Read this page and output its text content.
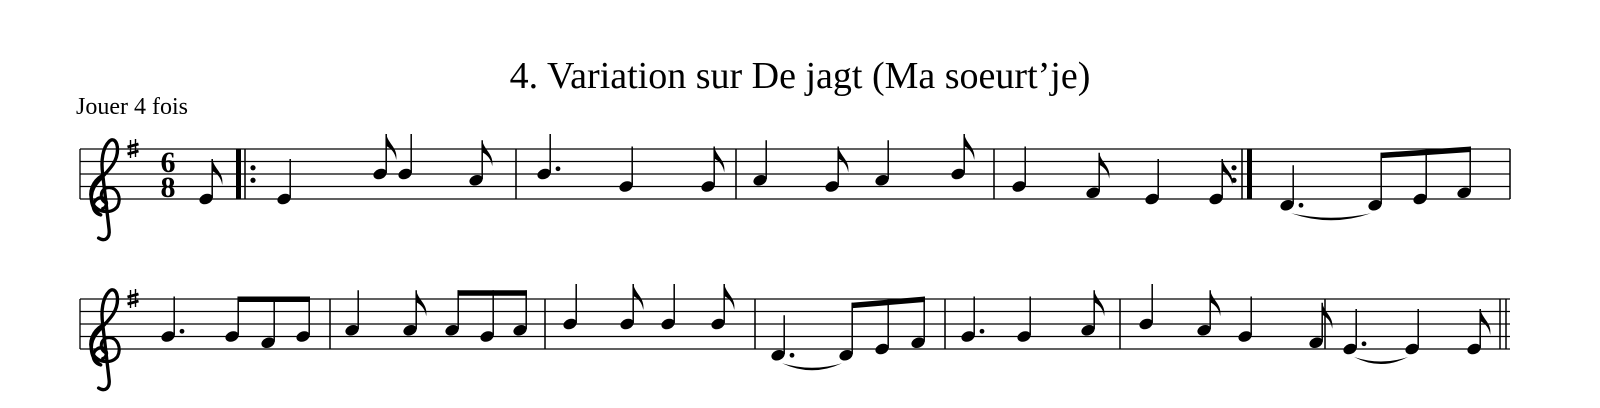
4. Variation sur De jagt (Ma soeurt’je)
Jouer 4 fois
6
8
